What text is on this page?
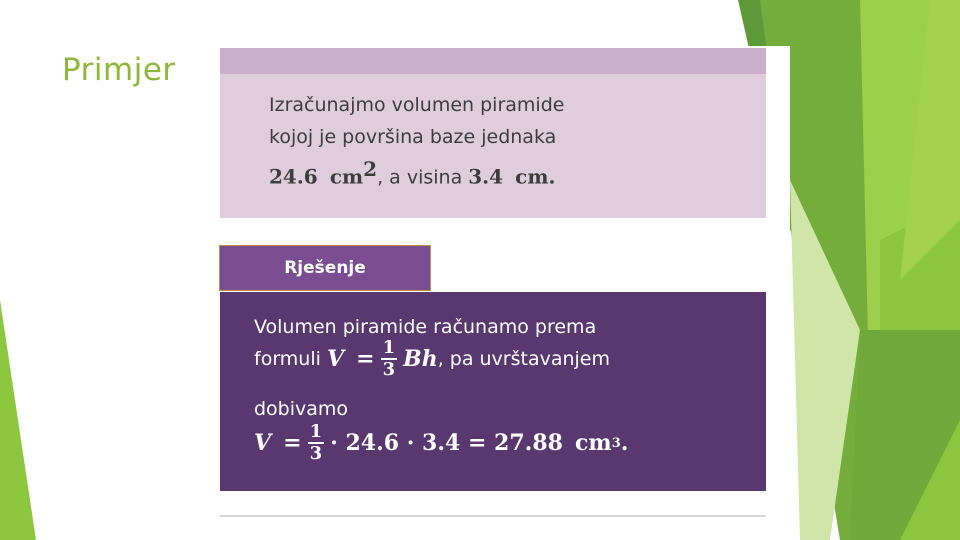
Primjer
Izračunajmo volumen piramide
kojoj je površina baze jednaka
24.6 $cm^2$, a visina 3.4 cm.
Rješenje
Volumen piramide računamo prema
formuli
V
= $\frac{1}{3}$ Bh , pa uvrštavanjem
dobivamo
V
= $\frac{1}{3} \cdot 24.6 \cdot 3.4 = 27.88$
cm 3 .
